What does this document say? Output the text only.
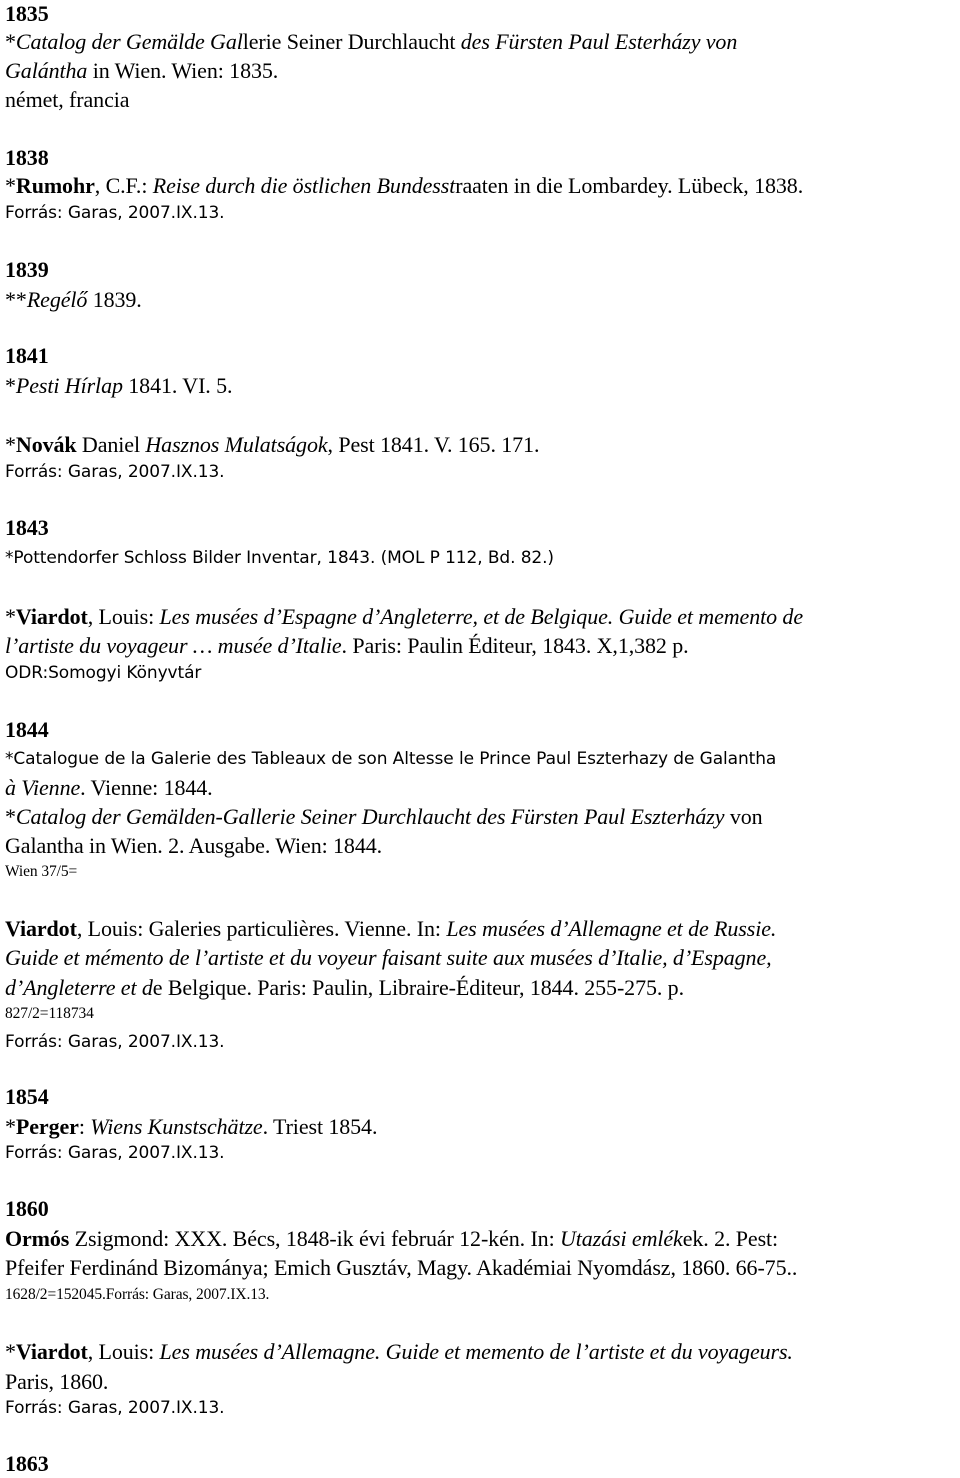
1835
*Catalog der Gemälde Gallerie Seiner Durchlaucht des Fürsten Paul Esterházy von
Galántha in Wien. Wien: 1835.
német, francia
1838
*Rumohr, C.F.: Reise durch die östlichen Bundesstraaten in die Lombardey. Lübeck, 1838.
Forrás: Garas, 2007.IX.13.
1839
**Regélő 1839.
1841
*Pesti Hírlap 1841. VI. 5.
*Novák Daniel Hasznos Mulatságok, Pest 1841. V. 165. 171.
Forrás: Garas, 2007.IX.13.
1843
*Pottendorfer Schloss Bilder Inventar, 1843. (MOL P 112, Bd. 82.)
*Viardot, Louis: Les musées d’Espagne d’Angleterre, et de Belgique. Guide et memento de
l’artiste du voyageur … musée d’Italie. Paris: Paulin Éditeur, 1843. X,1,382 p.
ODR:Somogyi Könyvtár
1844
*Catalogue de la Galerie des Tableaux de son Altesse le Prince Paul Eszterhazy de Galantha
à Vienne. Vienne: 1844.
*Catalog der Gemälden-Gallerie Seiner Durchlaucht des Fürsten Paul Eszterházy von
Galantha in Wien. 2. Ausgabe. Wien: 1844.
Wien 37/5=
Viardot, Louis: Galeries particulières. Vienne. In: Les musées d’Allemagne et de Russie.
Guide et mémento de l’artiste et du voyeur faisant suite aux musées d’Italie, d’Espagne,
d’Angleterre et de Belgique. Paris: Paulin, Libraire-Éditeur, 1844. 255-275. p.
827/2=118734
Forrás: Garas, 2007.IX.13.
1854
*Perger: Wiens Kunstschätze. Triest 1854.
Forrás: Garas, 2007.IX.13.
1860
Ormós Zsigmond: XXX. Bécs, 1848-ik évi február 12-kén. In: Utazási emlékek. 2. Pest:
Pfeifer Ferdinánd Bizományа; Emich Gusztáv, Magy. Akadémiai Nyomdász, 1860. 66-75..
1628/2=152045.Forrás: Garas, 2007.IX.13.
*Viardot, Louis: Les musées d’Allemagne. Guide et memento de l’artiste et du voyageurs.
Paris, 1860.
Forrás: Garas, 2007.IX.13.
1863
